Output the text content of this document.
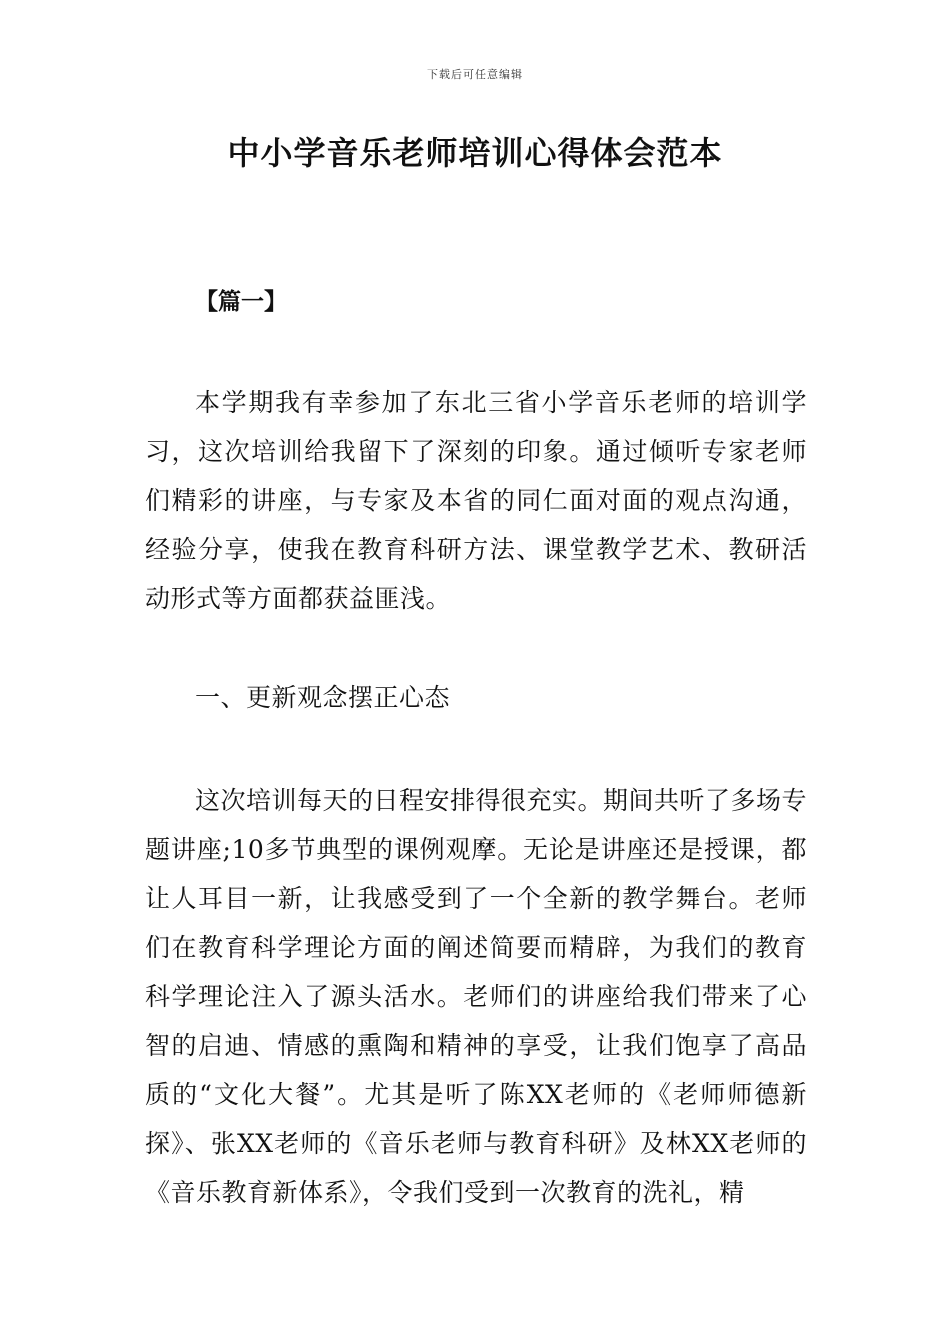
下载后可任意编辑
中小学音乐老师培训心得体会范本
【篇一】

本学期我有幸参加了东北三省小学音乐老师的培训学习，这次培训给我留下了深刻的印象。通过倾听专家老师们精彩的讲座，与专家及本省的同仁面对面的观点沟通，经验分享，使我在教育科研方法、课堂教学艺术、教研活动形式等方面都获益匪浅。

一、更新观念摆正心态

这次培训每天的日程安排得很充实。期间共听了多场专题讲座;10多节典型的课例观摩。无论是讲座还是授课，都让人耳目一新，让我感受到了一个全新的教学舞台。老师们在教育科学理论方面的阐述简要而精辟，为我们的教育科学理论注入了源头活水。老师们的讲座给我们带来了心智的启迪、情感的熏陶和精神的享受，让我们饱享了高品质的“文化大餐”。尤其是听了陈XX老师的《老师师德新探》、张XX老师的《音乐老师与教育科研》及林XX老师的《音乐教育新体系》，令我们受到一次教育的洗礼，精
